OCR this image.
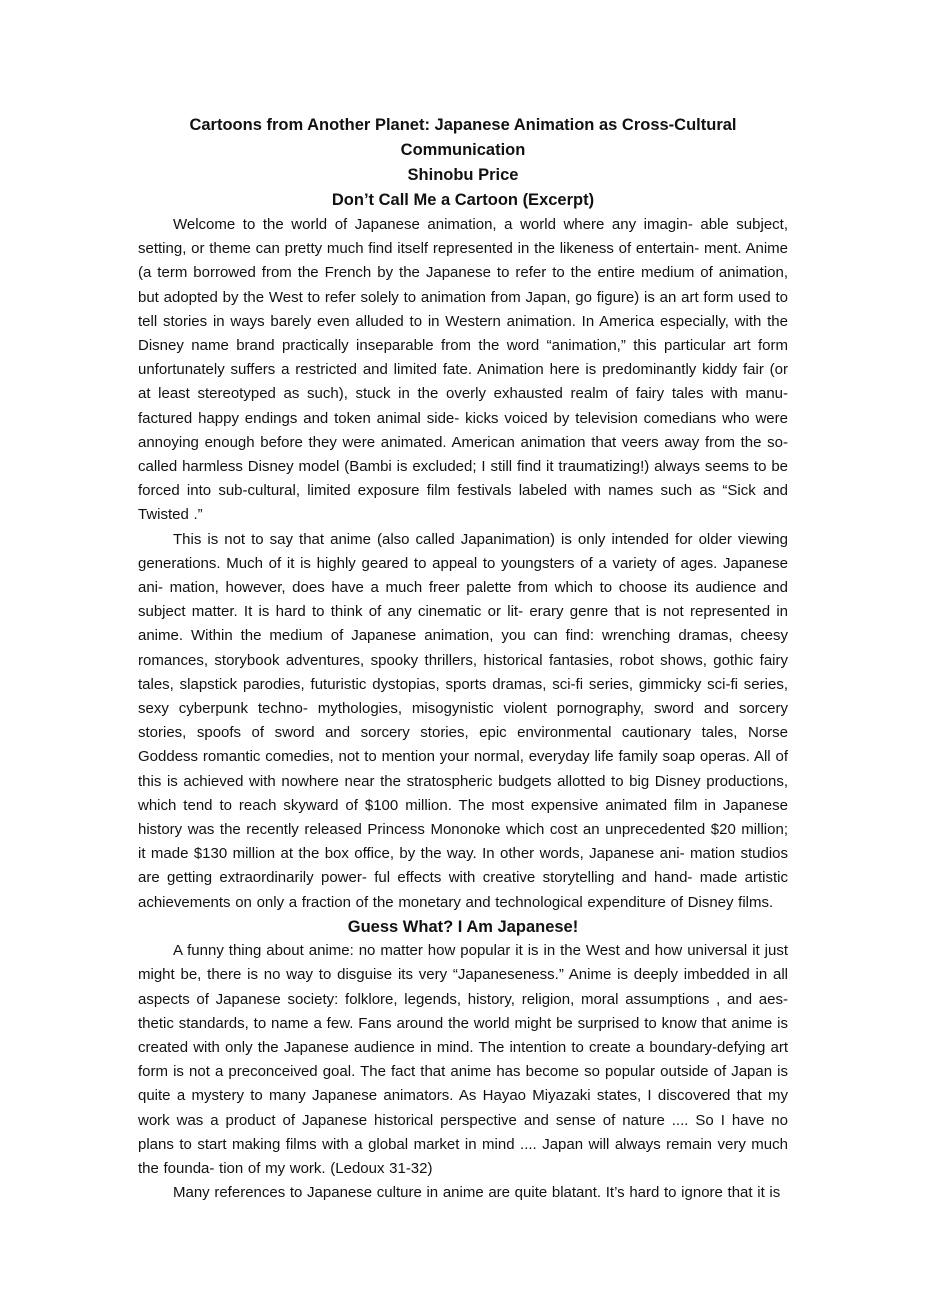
Cartoons from Another Planet: Japanese Animation as Cross-Cultural
Communication
Shinobu Price
Don’t Call Me a Cartoon (Excerpt)

Welcome to the world of Japanese animation, a world where any imagin- able subject, setting, or theme can pretty much find itself represented in the likeness of entertain- ment. Anime (a term borrowed from the French by the Japanese to refer to the entire medium of animation, but adopted by the West to refer solely to animation from Japan, go figure) is an art form used to tell stories in ways barely even alluded to in Western animation. In America especially, with the Disney name brand practically inseparable from the word “animation,” this particular art form unfortunately suffers a restricted and limited fate. Animation here is predominantly kiddy fair (or at least stereotyped as such), stuck in the overly exhausted realm of fairy tales with manu- factured happy endings and token animal side- kicks voiced by television comedians who were annoying enough before they were animated. American animation that veers away from the so- called harmless Disney model (Bambi is excluded; I still find it traumatizing!) always seems to be forced into sub-cultural, limited exposure film festivals labeled with names such as “Sick and Twisted .”

This is not to say that anime (also called Japanimation) is only intended for older viewing generations. Much of it is highly geared to appeal to youngsters of a variety of ages. Japanese ani- mation, however, does have a much freer palette from which to choose its audience and subject matter. It is hard to think of any cinematic or lit- erary genre that is not represented in anime. Within the medium of Japanese animation, you can find: wrenching dramas, cheesy romances, storybook adventures, spooky thrillers, historical fantasies, robot shows, gothic fairy tales, slapstick parodies, futuristic dystopias, sports dramas, sci-fi series, gimmicky sci-fi series, sexy cyberpunk techno- mythologies, misogynistic violent pornography, sword and sorcery stories, spoofs of sword and sorcery stories, epic environmental cautionary tales, Norse Goddess romantic comedies, not to mention your normal, everyday life family soap operas. All of this is achieved with nowhere near the stratospheric budgets allotted to big Disney productions, which tend to reach skyward of $100 million. The most expensive animated film in Japanese history was the recently released Princess Mononoke which cost an unprecedented $20 million; it made $130 million at the box office, by the way. In other words, Japanese ani- mation studios are getting extraordinarily power- ful effects with creative storytelling and hand- made artistic achievements on only a fraction of the monetary and technological expenditure of Disney films.

Guess What? I Am Japanese!

A funny thing about anime: no matter how popular it is in the West and how universal it just might be, there is no way to disguise its very “Japaneseness.” Anime is deeply imbedded in all aspects of Japanese society: folklore, legends, history, religion, moral assumptions , and aes- thetic standards, to name a few. Fans around the world might be surprised to know that anime is created with only the Japanese audience in mind. The intention to create a boundary-defying art form is not a preconceived goal. The fact that anime has become so popular outside of Japan is quite a mystery to many Japanese animators. As Hayao Miyazaki states, I discovered that my work was a product of Japanese historical perspective and sense of nature .... So I have no plans to start making films with a global market in mind .... Japan will always remain very much the founda- tion of my work. (Ledoux 31-32)

Many references to Japanese culture in anime are quite blatant. It’s hard to ignore that it is
